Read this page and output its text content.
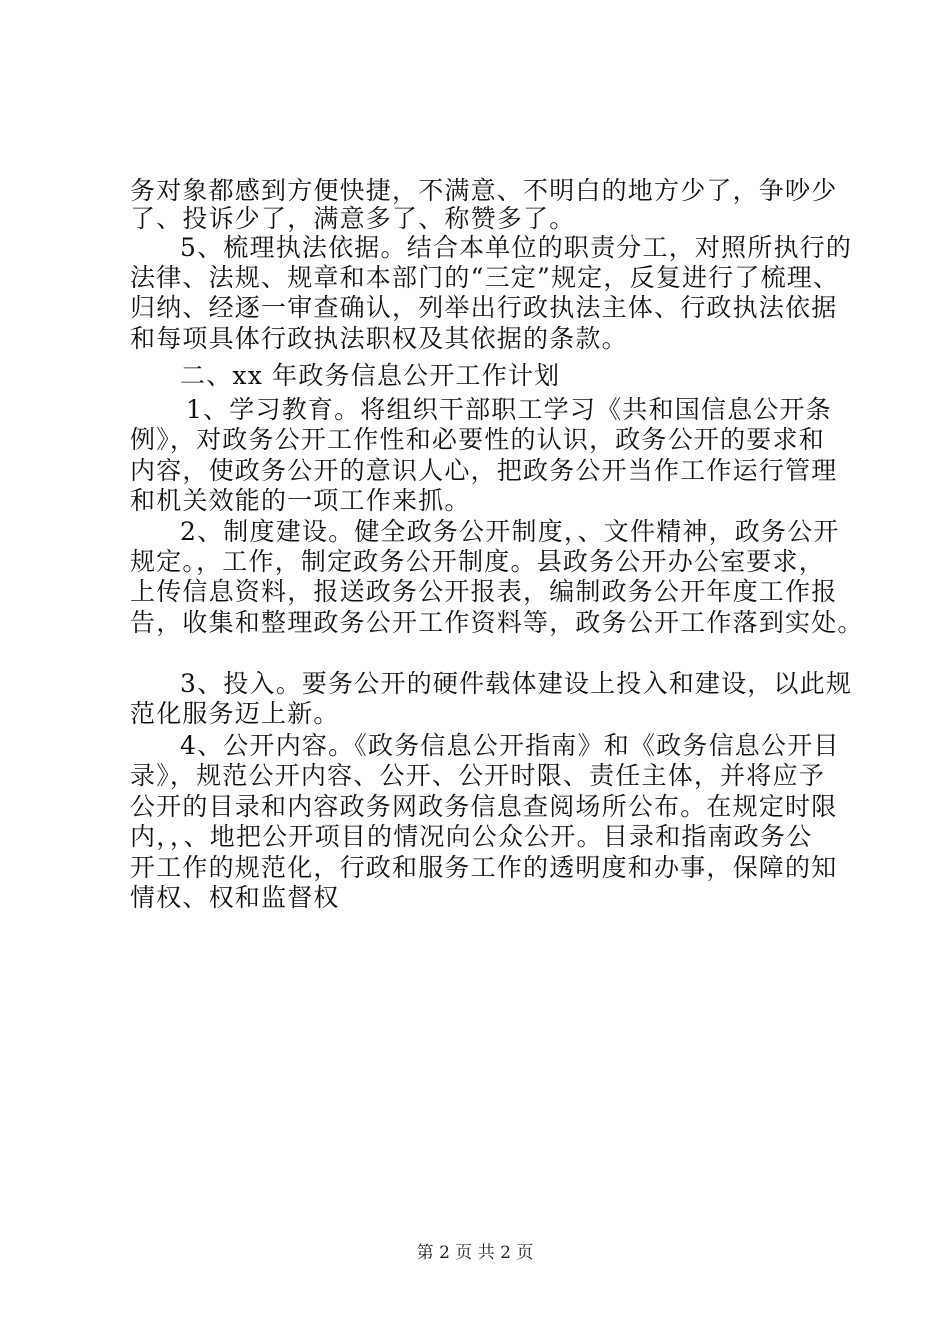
务对象都感到方便快捷，不满意、不明白的地方少了，争吵少

了、投诉少了，满意多了、称赞多了。

5、梳理执法依据。结合本单位的职责分工，对照所执行的

法律、法规、规章和本部门的“三定”规定，反复进行了梳理、

归纳、经逐一审查确认，列举出行政执法主体、行政执法依据

和每项具体行政执法职权及其依据的条款。

二、xx 年政务信息公开工作计划

1、学习教育。将组织干部职工学习《共和国信息公开条

例》，对政务公开工作性和必要性的认识，政务公开的要求和

内容，使政务公开的意识人心，把政务公开当作工作运行管理

和机关效能的一项工作来抓。

2、制度建设。健全政务公开制度，、文件精神，政务公开

规定。，工作，制定政务公开制度。县政务公开办公室要求，

上传信息资料，报送政务公开报表，编制政务公开年度工作报

告，收集和整理政务公开工作资料等，政务公开工作落到实处。

3、投入。要务公开的硬件载体建设上投入和建设，以此规

范化服务迈上新。

4、公开内容。《政务信息公开指南》和《政务信息公开目

录》，规范公开内容、公开、公开时限、责任主体，并将应予

公开的目录和内容政务网政务信息查阅场所公布。在规定时限

内，，、地把公开项目的情况向公众公开。目录和指南政务公

开工作的规范化，行政和服务工作的透明度和办事，保障的知

情权、权和监督权

第 2 页 共 2 页
